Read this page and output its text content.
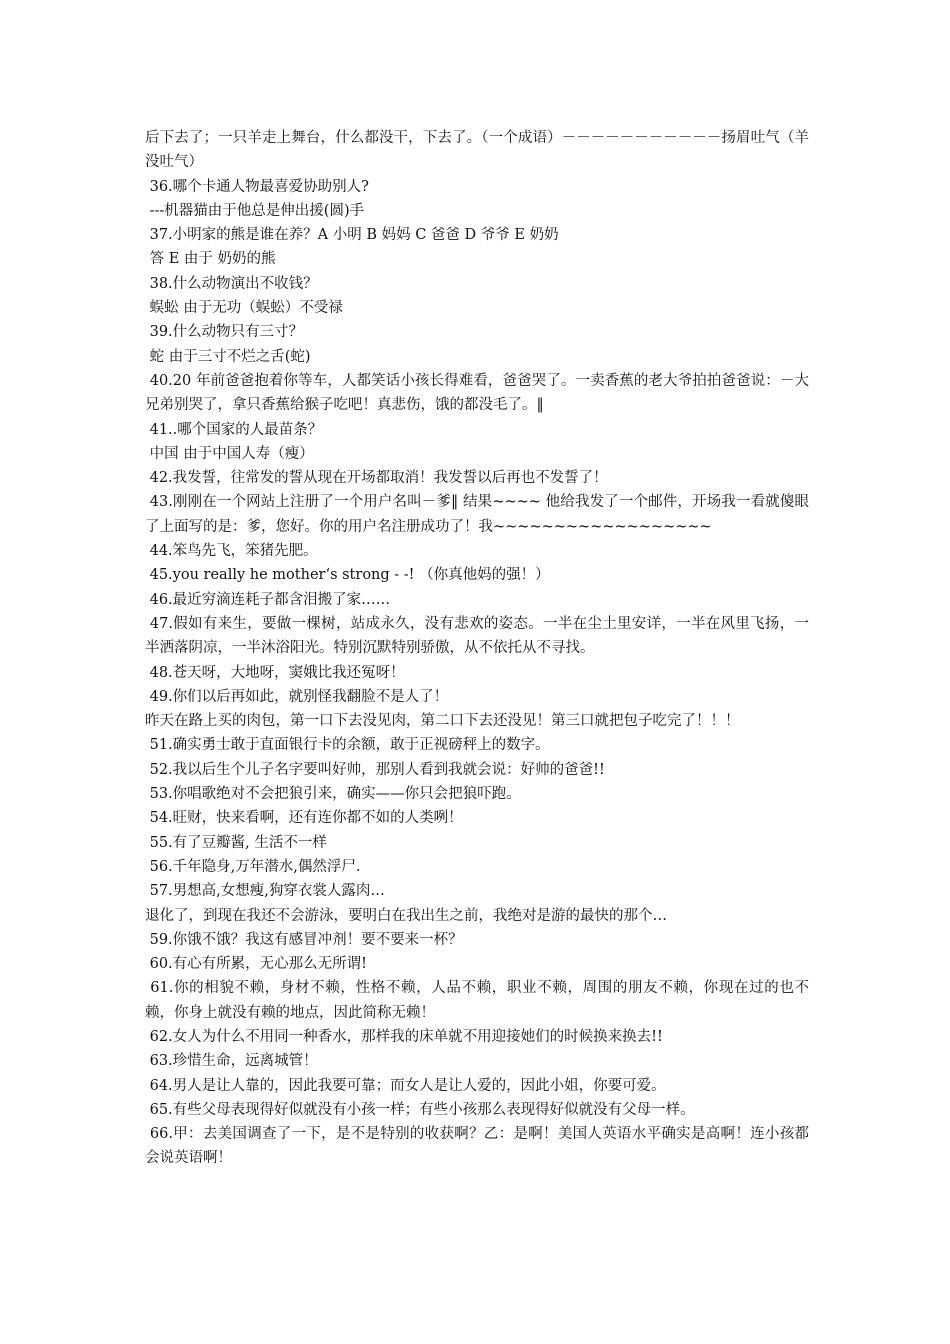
后下去了；一只羊走上舞台，什么都没干，下去了。（一个成语）－－－－－－－－－－－扬眉吐气（羊没吐气）

36.哪个卡通人物最喜爱协助别人?

---机器猫由于他总是伸出援(圆)手

37.小明家的熊是谁在养？A 小明 B 妈妈 C 爸爸 D 爷爷 E 奶奶

答 E 由于 奶奶的熊

38.什么动物演出不收钱？

蜈蚣 由于无功（蜈蚣）不受禄

39.什么动物只有三寸？

蛇 由于三寸不烂之舌(蛇)

40.20 年前爸爸抱着你等车，人都笑话小孩长得难看，爸爸哭了。一卖香蕉的老大爷拍拍爸爸说：－大兄弟别哭了，拿只香蕉给猴子吃吧！真悲伤，饿的都没毛了。‖

41..哪个国家的人最苗条？

中国 由于中国人寿（瘦）

42.我发誓，往常发的誓从现在开场都取消！我发誓以后再也不发誓了！

43.刚刚在一个网站上注册了一个用户名叫－爹‖ 结果~~~~ 他给我发了一个邮件，开场我一看就傻眼了上面写的是：爹，您好。你的用户名注册成功了！我~~~~~~~~~~~~~~~~~~

44.笨鸟先飞，笨猪先肥。

45.you really he mother‘s strong - -! （你真他妈的强！）

46.最近穷滴连耗子都含泪搬了家……

47.假如有来生，要做一棵树，站成永久，没有悲欢的姿态。一半在尘土里安详，一半在风里飞扬，一半洒落阴凉，一半沐浴阳光。特别沉默特别骄傲，从不依托从不寻找。

48.苍天呀，大地呀，窦娥比我还冤呀！

49.你们以后再如此，就别怪我翻脸不是人了！

昨天在路上买的肉包，第一口下去没见肉，第二口下去还没见！第三口就把包子吃完了！！！

51.确实勇士敢于直面银行卡的余额，敢于正视磅秤上的数字。

52.我以后生个儿子名字要叫好帅，那别人看到我就会说：好帅的爸爸!!

53.你唱歌绝对不会把狼引来，确实——你只会把狼吓跑。

54.旺财，快来看啊，还有连你都不如的人类咧！

55.有了豆瓣酱, 生活不一样

56.千年隐身,万年潜水,偶然浮尸.

57.男想高,女想瘦,狗穿衣裳人露肉…

退化了，到现在我还不会游泳，要明白在我出生之前，我绝对是游的最快的那个…

59.你饿不饿？我这有感冒冲剂！要不要来一杯？

60.有心有所累，无心那么无所谓!

61.你的相貌不赖，身材不赖，性格不赖，人品不赖，职业不赖，周围的朋友不赖，你现在过的也不赖，你身上就没有赖的地点，因此简称无赖！

62.女人为什么不用同一种香水，那样我的床单就不用迎接她们的时候换来换去!!

63.珍惜生命，远离城管！

64.男人是让人靠的，因此我要可靠；而女人是让人爱的，因此小姐，你要可爱。

65.有些父母表现得好似就没有小孩一样；有些小孩那么表现得好似就没有父母一样。

66.甲：去美国调查了一下，是不是特别的收获啊？乙：是啊！美国人英语水平确实是高啊！连小孩都会说英语啊！
